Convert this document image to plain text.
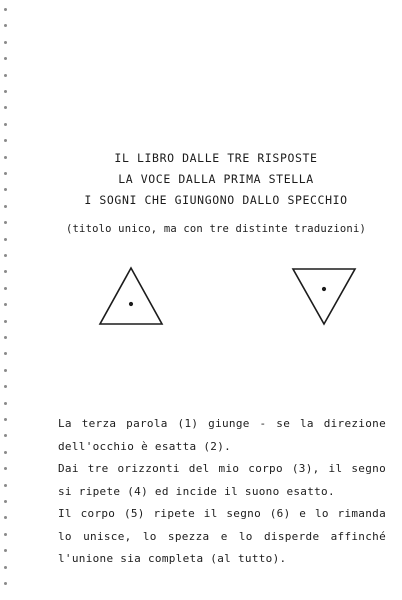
IL LIBRO DALLE TRE RISPOSTE
LA VOCE DALLA PRIMA STELLA
I SOGNI CHE GIUNGONO DALLO SPECCHIO
(titolo unico, ma con tre distinte traduzioni)

La terza parola (1) giunge - se la direzione

dell'occhio è esatta (2).

Dai tre orizzonti del mio corpo (3), il segno

si ripete (4) ed incide il suono esatto.

Il corpo (5) ripete il segno (6) e lo rimanda

lo unisce, lo spezza e lo disperde affinché

l'unione sia completa (al tutto).
